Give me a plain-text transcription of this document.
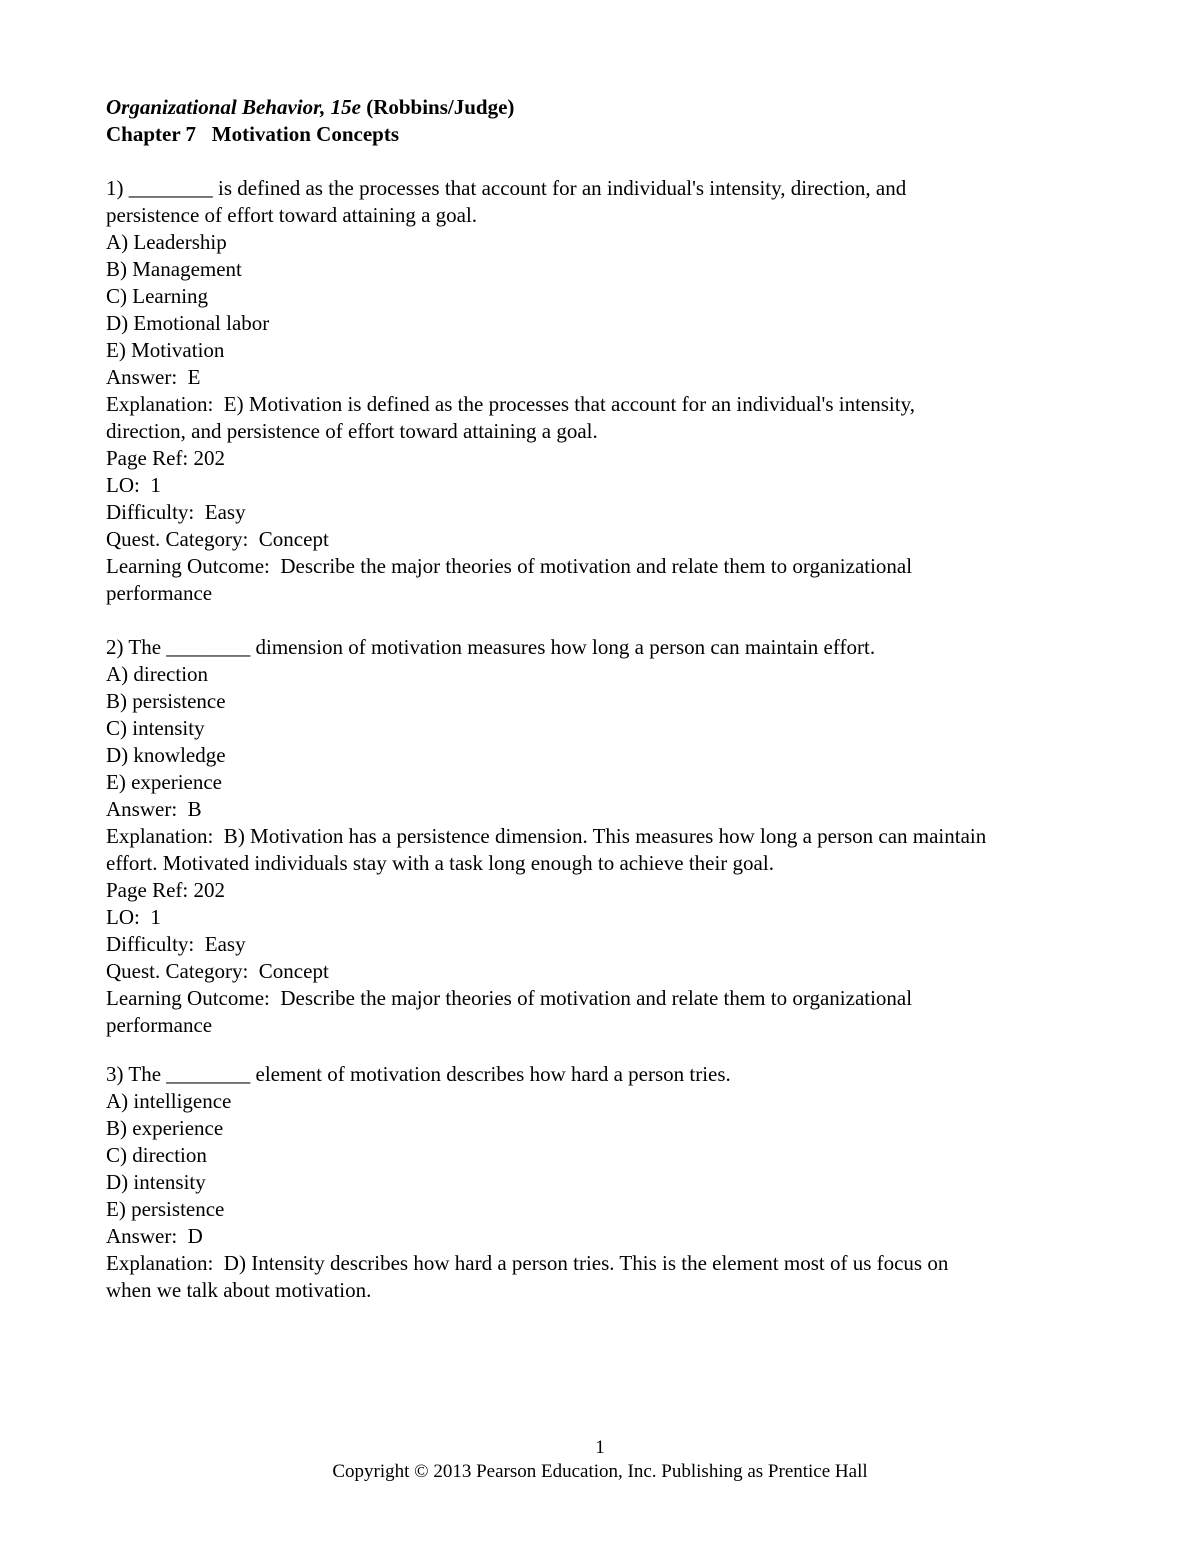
Organizational Behavior, 15e (Robbins/Judge)

Chapter 7   Motivation Concepts

1) ________ is defined as the processes that account for an individual's intensity, direction, and

persistence of effort toward attaining a goal.

A) Leadership

B) Management

C) Learning

D) Emotional labor

E) Motivation

Answer:  E

Explanation:  E) Motivation is defined as the processes that account for an individual's intensity,

direction, and persistence of effort toward attaining a goal.

Page Ref: 202

LO:  1

Difficulty:  Easy

Quest. Category:  Concept

Learning Outcome:  Describe the major theories of motivation and relate them to organizational

performance

2) The ________ dimension of motivation measures how long a person can maintain effort.

A) direction

B) persistence

C) intensity

D) knowledge

E) experience

Answer:  B

Explanation:  B) Motivation has a persistence dimension. This measures how long a person can maintain

effort. Motivated individuals stay with a task long enough to achieve their goal.

Page Ref: 202

LO:  1

Difficulty:  Easy

Quest. Category:  Concept

Learning Outcome:  Describe the major theories of motivation and relate them to organizational

performance

3) The ________ element of motivation describes how hard a person tries.

A) intelligence

B) experience

C) direction

D) intensity

E) persistence

Answer:  D

Explanation:  D) Intensity describes how hard a person tries. This is the element most of us focus on

when we talk about motivation.

1
Copyright © 2013 Pearson Education, Inc. Publishing as Prentice Hall
